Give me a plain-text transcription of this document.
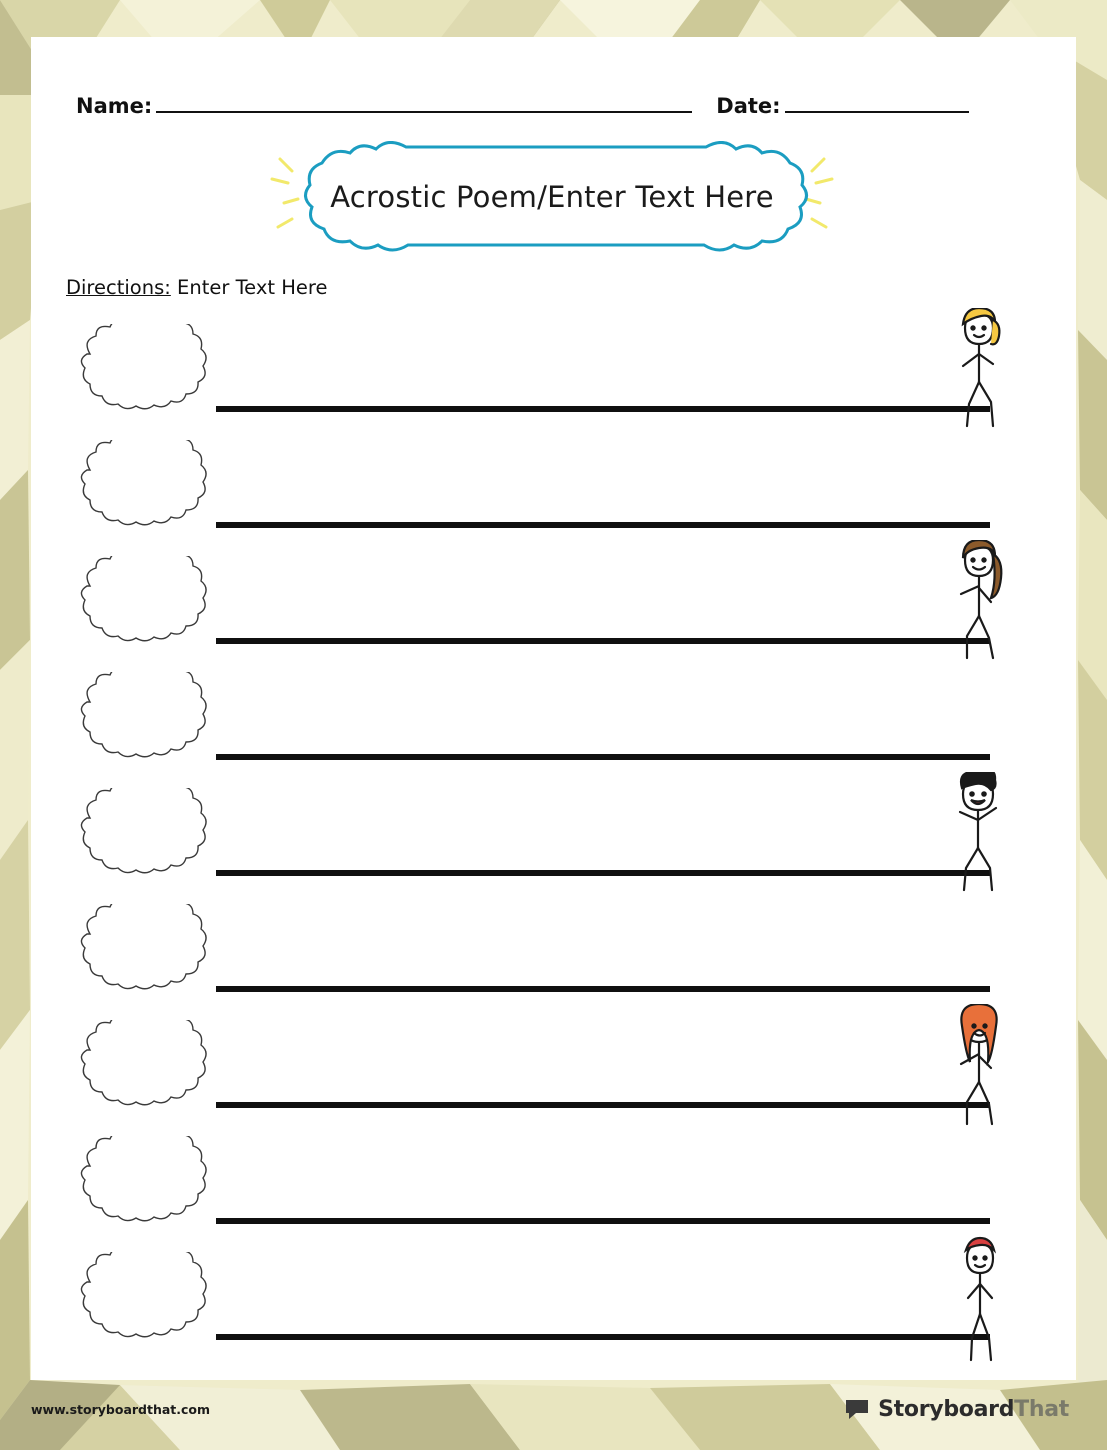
Name:	Date:
Acrostic Poem/Enter Text Here
Directions: Enter Text Here
www.storyboardthat.com	StoryboardThat
